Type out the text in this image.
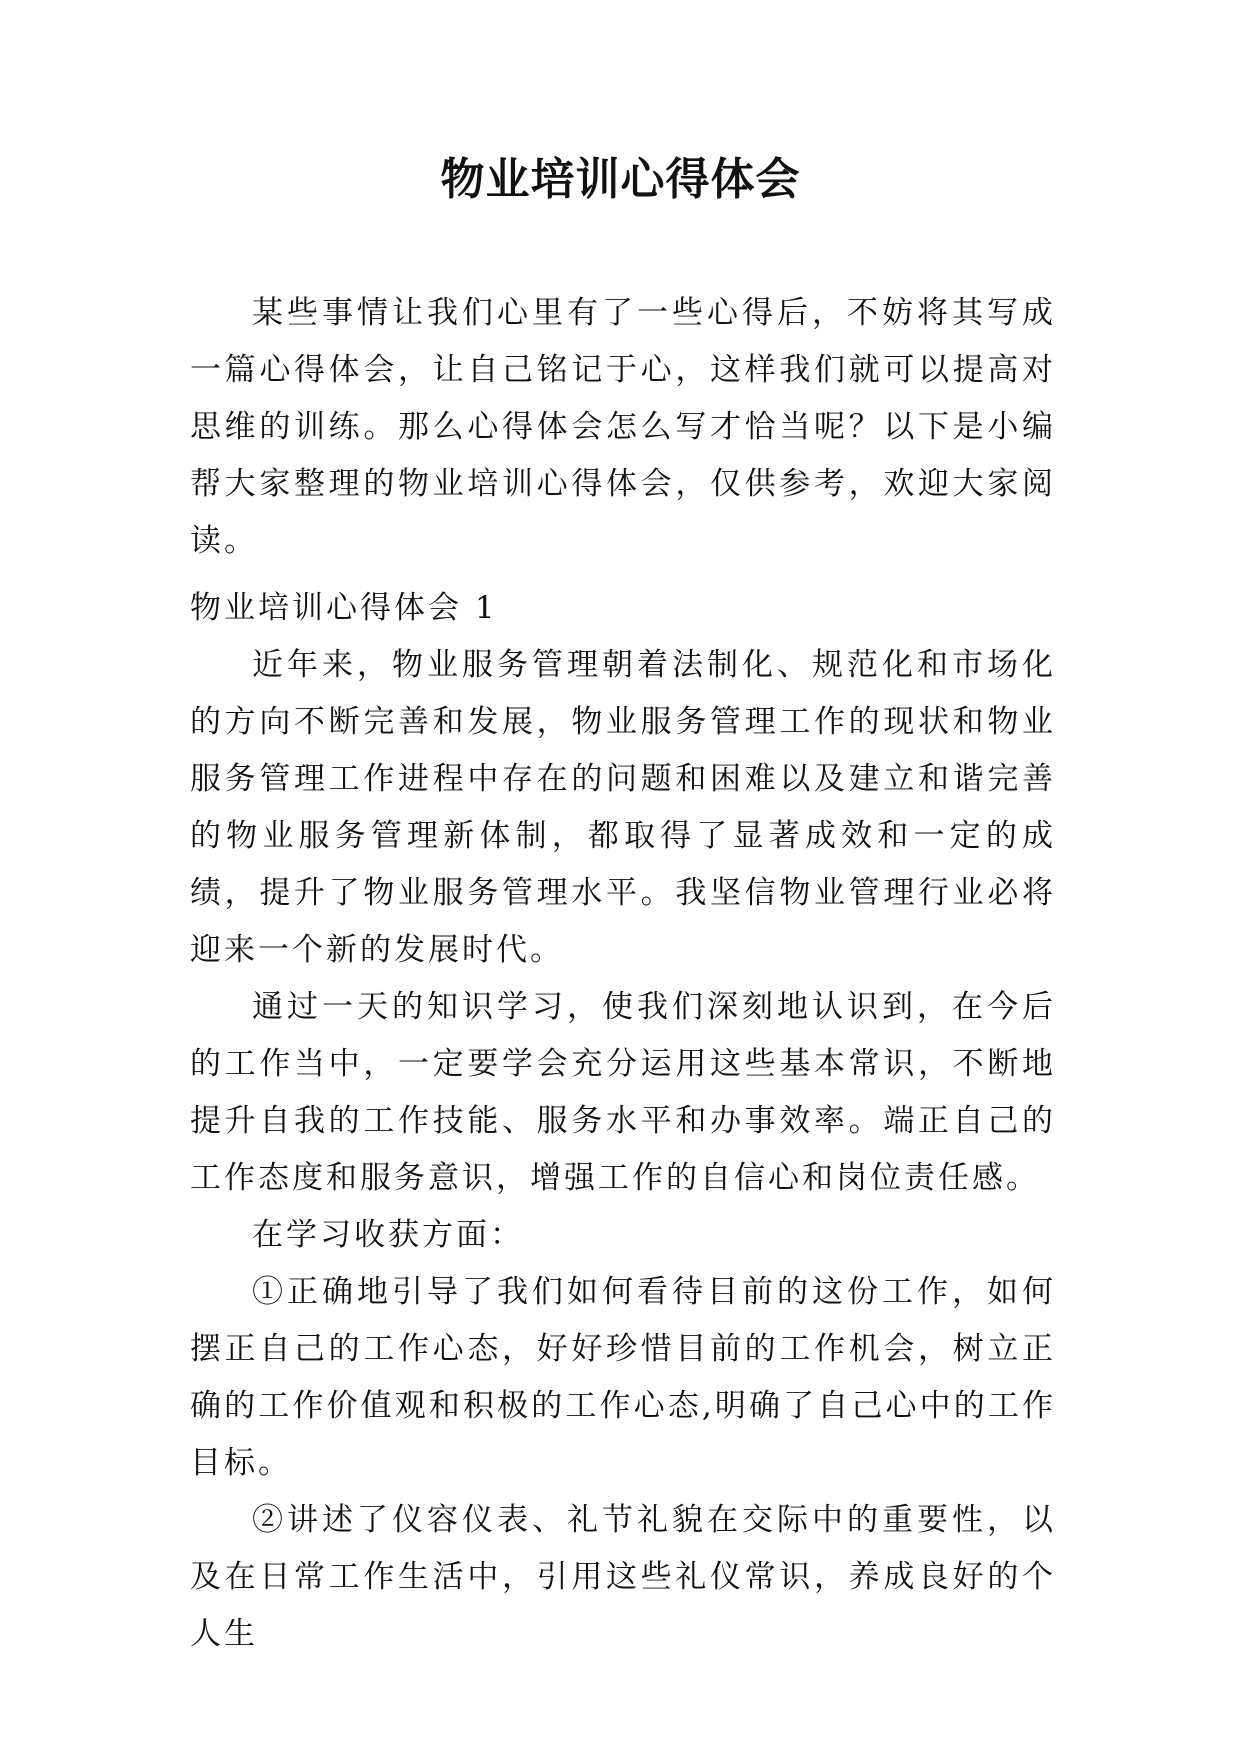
物业培训心得体会

某些事情让我们心里有了一些心得后，不妨将其写成一篇心得体会，让自己铭记于心，这样我们就可以提高对思维的训练。那么心得体会怎么写才恰当呢？以下是小编帮大家整理的物业培训心得体会，仅供参考，欢迎大家阅读。

物业培训心得体会 1

近年来，物业服务管理朝着法制化、规范化和市场化的方向不断完善和发展，物业服务管理工作的现状和物业服务管理工作进程中存在的问题和困难以及建立和谐完善的物业服务管理新体制，都取得了显著成效和一定的成绩，提升了物业服务管理水平。我坚信物业管理行业必将迎来一个新的发展时代。

通过一天的知识学习，使我们深刻地认识到，在今后的工作当中，一定要学会充分运用这些基本常识，不断地提升自我的工作技能、服务水平和办事效率。端正自己的工作态度和服务意识，增强工作的自信心和岗位责任感。

在学习收获方面：

①正确地引导了我们如何看待目前的这份工作，如何摆正自己的工作心态，好好珍惜目前的工作机会，树立正确的工作价值观和积极的工作心态,明确了自己心中的工作目标。

②讲述了仪容仪表、礼节礼貌在交际中的重要性，以及在日常工作生活中，引用这些礼仪常识，养成良好的个人生
